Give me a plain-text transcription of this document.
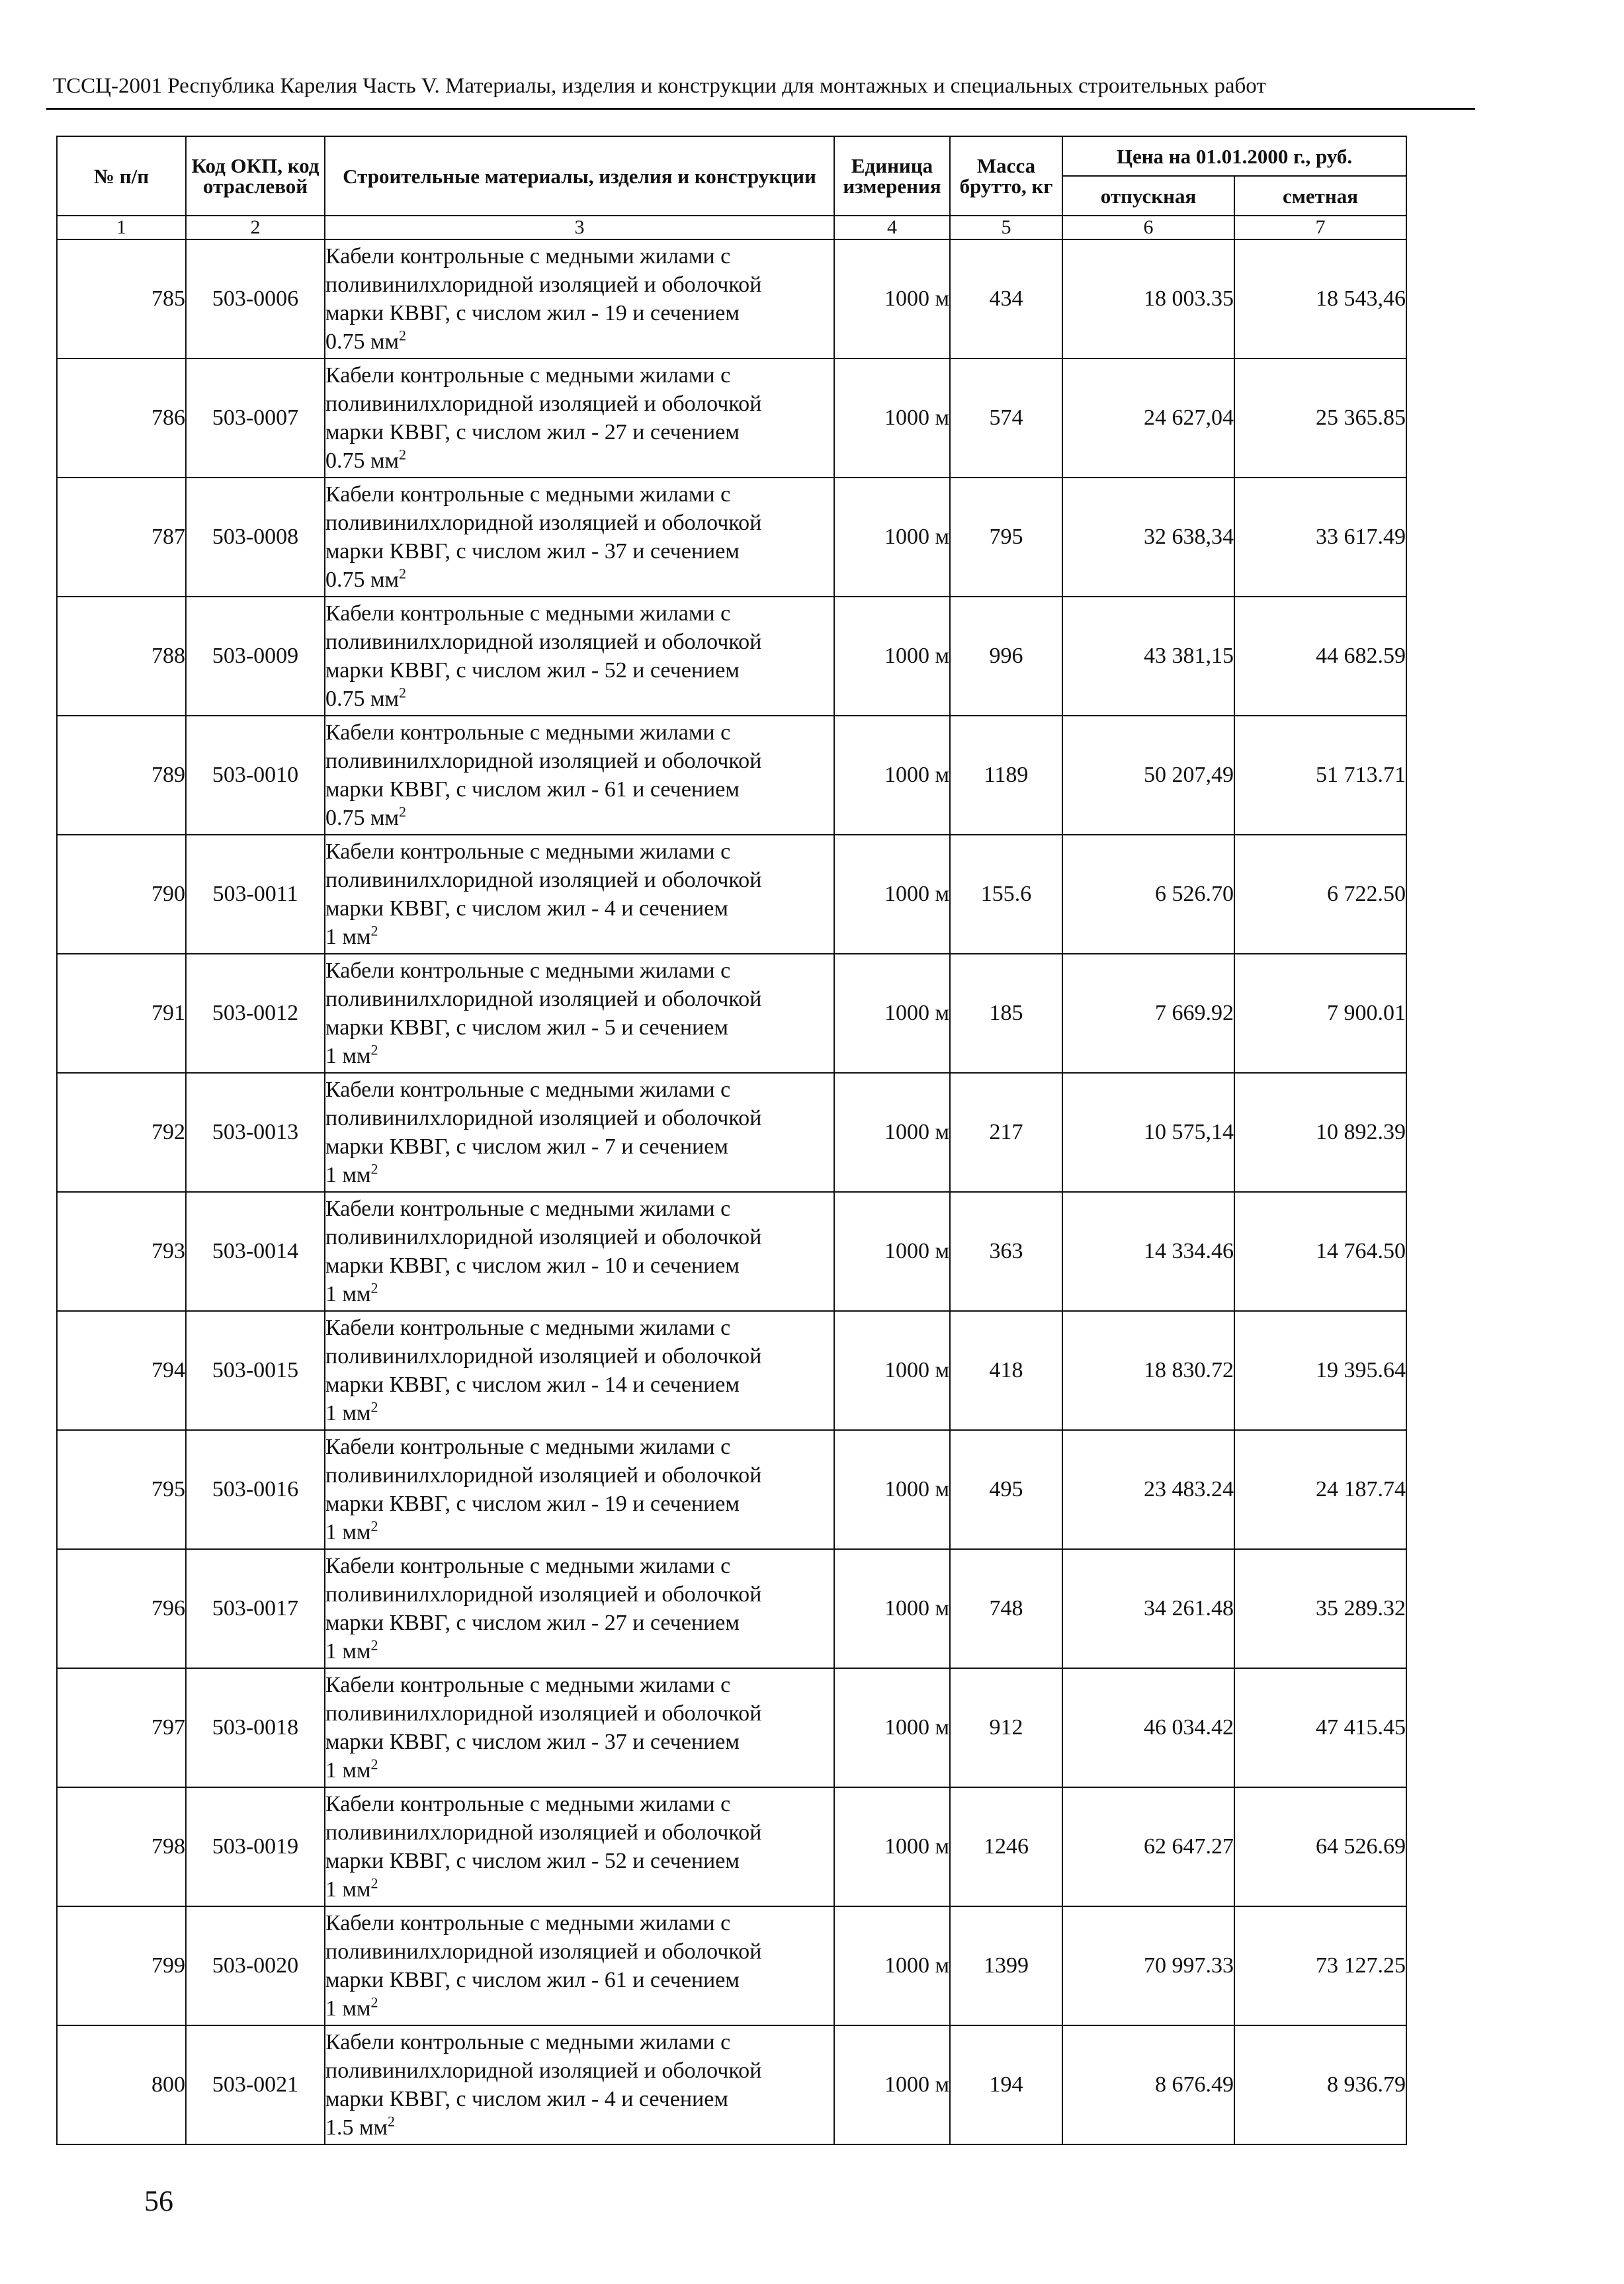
ТССЦ-2001 Республика Карелия Часть V. Материалы, изделия и конструкции для монтажных и специальных строительных работ
№ п/п	Код ОКП, код отраслевой	Строительные материалы, изделия и конструкции	Единица измерения	Масса брутто, кг	Цена на 01.01.2000 г., руб.	
					отпускная	сметная
1	2	3	4	5	6	7
785	503-0006	Кабели контрольные с медными жилами с
поливинилхлоридной изоляцией и оболочкой
марки КВВГ, с числом жил - 19 и сечением
0.75 $мм^2$	1000 м	434	18 003.35	18 543,46
786	503-0007	Кабели контрольные с медными жилами с
поливинилхлоридной изоляцией и оболочкой
марки КВВГ, с числом жил - 27 и сечением
0.75 $мм^2$	1000 м	574	24 627,04	25 365.85
787	503-0008	Кабели контрольные с медными жилами с
поливинилхлоридной изоляцией и оболочкой
марки КВВГ, с числом жил - 37 и сечением
0.75 $мм^2$	1000 м	795	32 638,34	33 617.49
788	503-0009	Кабели контрольные с медными жилами с
поливинилхлоридной изоляцией и оболочкой
марки КВВГ, с числом жил - 52 и сечением
0.75 $мм^2$	1000 м	996	43 381,15	44 682.59
789	503-0010	Кабели контрольные с медными жилами с
поливинилхлоридной изоляцией и оболочкой
марки КВВГ, с числом жил - 61 и сечением
0.75 $мм^2$	1000 м	1189	50 207,49	51 713.71
790	503-0011	Кабели контрольные с медными жилами с
поливинилхлоридной изоляцией и оболочкой
марки КВВГ, с числом жил - 4 и сечением
1 $мм^2$	1000 м	155.6	6 526.70	6 722.50
791	503-0012	Кабели контрольные с медными жилами с
поливинилхлоридной изоляцией и оболочкой
марки КВВГ, с числом жил - 5 и сечением
1 $мм^2$	1000 м	185	7 669.92	7 900.01
792	503-0013	Кабели контрольные с медными жилами с
поливинилхлоридной изоляцией и оболочкой
марки КВВГ, с числом жил - 7 и сечением
1 $мм^2$	1000 м	217	10 575,14	10 892.39
793	503-0014	Кабели контрольные с медными жилами с
поливинилхлоридной изоляцией и оболочкой
марки КВВГ, с числом жил - 10 и сечением
1 $мм^2$	1000 м	363	14 334.46	14 764.50
794	503-0015	Кабели контрольные с медными жилами с
поливинилхлоридной изоляцией и оболочкой
марки КВВГ, с числом жил - 14 и сечением
1 $мм^2$	1000 м	418	18 830.72	19 395.64
795	503-0016	Кабели контрольные с медными жилами с
поливинилхлоридной изоляцией и оболочкой
марки КВВГ, с числом жил - 19 и сечением
1 $мм^2$	1000 м	495	23 483.24	24 187.74
796	503-0017	Кабели контрольные с медными жилами с
поливинилхлоридной изоляцией и оболочкой
марки КВВГ, с числом жил - 27 и сечением
1 $мм^2$	1000 м	748	34 261.48	35 289.32
797	503-0018	Кабели контрольные с медными жилами с
поливинилхлоридной изоляцией и оболочкой
марки КВВГ, с числом жил - 37 и сечением
1 $мм^2$	1000 м	912	46 034.42	47 415.45
798	503-0019	Кабели контрольные с медными жилами с
поливинилхлоридной изоляцией и оболочкой
марки КВВГ, с числом жил - 52 и сечением
1 $мм^2$	1000 м	1246	62 647.27	64 526.69
799	503-0020	Кабели контрольные с медными жилами с
поливинилхлоридной изоляцией и оболочкой
марки КВВГ, с числом жил - 61 и сечением
1 $мм^2$	1000 м	1399	70 997.33	73 127.25
800	503-0021	Кабели контрольные с медными жилами с
поливинилхлоридной изоляцией и оболочкой
марки КВВГ, с числом жил - 4 и сечением
1.5 $мм^2$	1000 м	194	8 676.49	8 936.79
56
